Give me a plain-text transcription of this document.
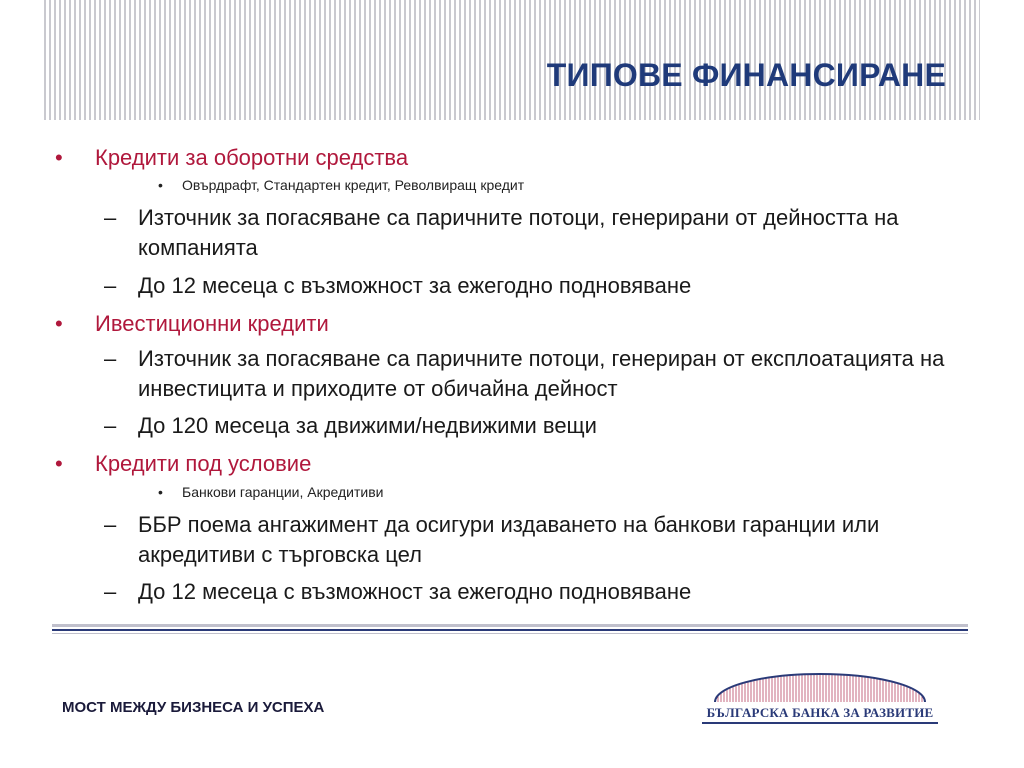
ТИПОВЕ ФИНАНСИРАНЕ
• Кредити за оборотни средства
• Овърдрафт, Стандартен кредит, Револвиращ кредит
– Източник за погасяване са паричните потоци, генерирани от дейността на компанията
– До 12 месеца с възможност за ежегодно подновяване
• Ивестиционни кредити
– Източник за погасяване са паричните потоци, генериран от експлоатацията на инвестицита и приходите от обичайна дейност
– До 120 месеца за движими/недвижими вещи
• Кредити под условие
• Банкови гаранции, Акредитиви
– ББР поема ангажимент да осигури издаването на банкови гаранции или акредитиви с търговска цел
– До 12 месеца с възможност за ежегодно подновяване
МОСТ МЕЖДУ БИЗНЕСА И УСПЕХА	БЪЛГАРСКА БАНКА ЗА РАЗВИТИЕ
